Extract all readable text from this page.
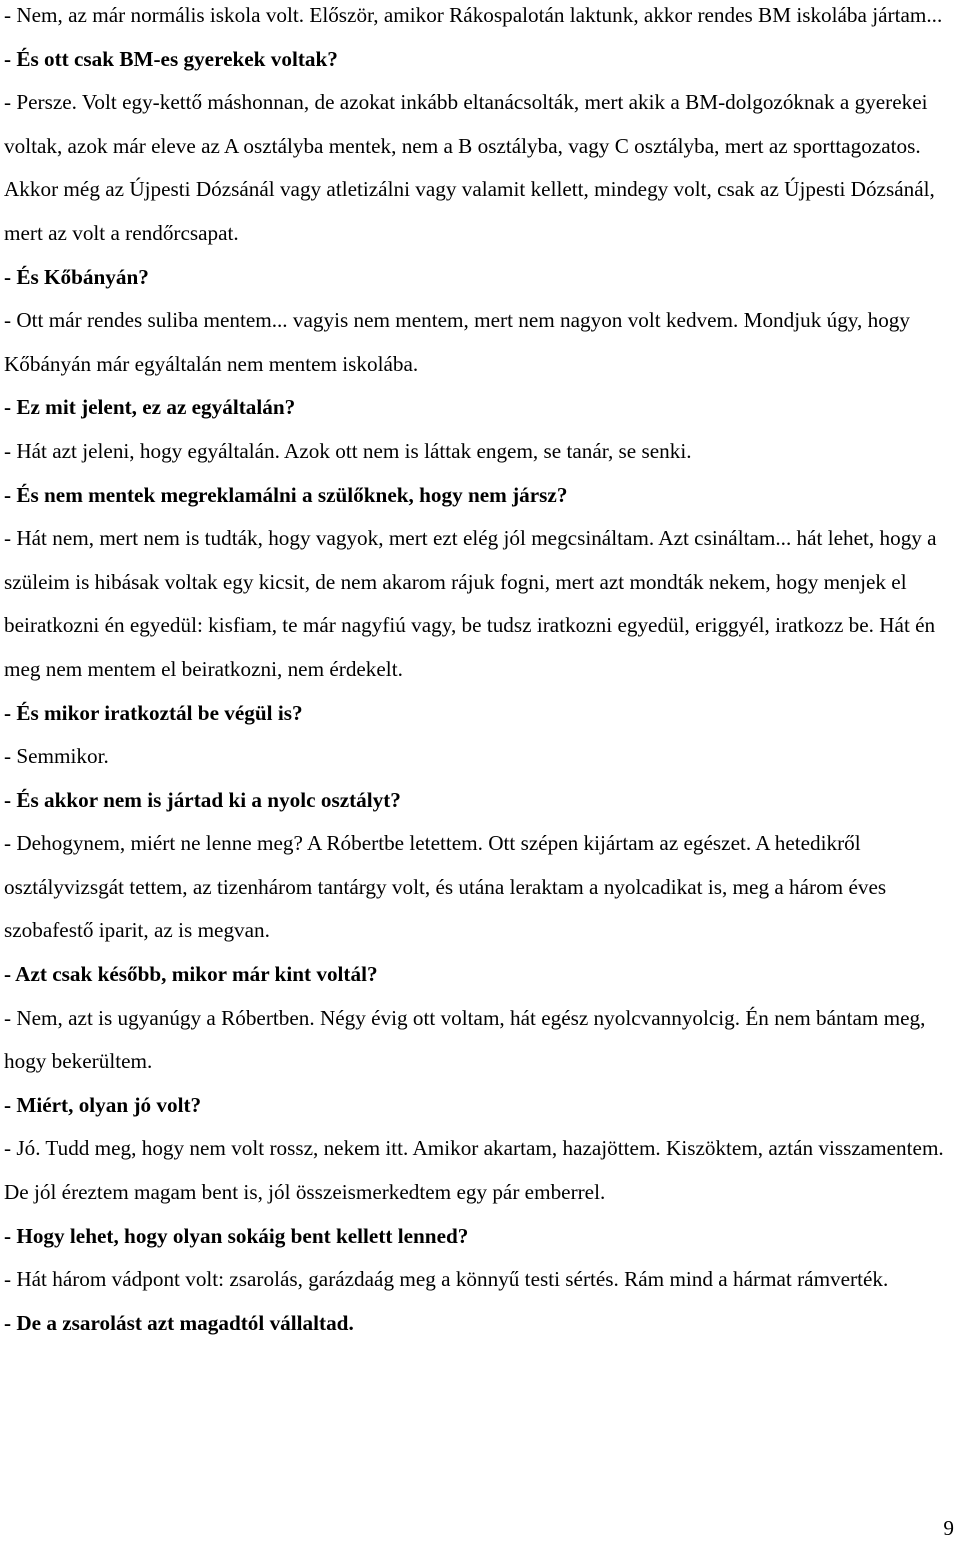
- Nem, az már normális iskola volt. Először, amikor Rákospalotán laktunk, akkor rendes BM iskolába jártam...

- És ott csak BM-es gyerekek voltak?

- Persze. Volt egy-kettő máshonnan, de azokat inkább eltanácsolták, mert akik a BM-dolgozóknak a gyerekei voltak, azok már eleve az A osztályba mentek, nem a B osztályba, vagy C osztályba, mert az sporttagozatos. Akkor még az Újpesti Dózsánál vagy atletizálni vagy valamit kellett, mindegy volt, csak az Újpesti Dózsánál, mert az volt a rendőrcsapat.

- És Kőbányán?

- Ott már rendes suliba mentem... vagyis nem mentem, mert nem nagyon volt kedvem. Mondjuk úgy, hogy Kőbányán már egyáltalán nem mentem iskolába.

- Ez mit jelent, ez az egyáltalán?

- Hát azt jeleni, hogy egyáltalán. Azok ott nem is láttak engem, se tanár, se senki.

- És nem mentek megreklamálni a szülőknek, hogy nem jársz?

- Hát nem, mert nem is tudták, hogy vagyok, mert ezt elég jól megcsináltam. Azt csináltam... hát lehet, hogy a szüleim is hibásak voltak egy kicsit, de nem akarom rájuk fogni, mert azt mondták nekem, hogy menjek el beiratkozni én egyedül: kisfiam, te már nagyfiú vagy, be tudsz iratkozni egyedül, eriggyél, iratkozz be. Hát én meg nem mentem el beiratkozni, nem érdekelt.

- És mikor iratkoztál be végül is?

- Semmikor.

- És akkor nem is jártad ki a nyolc osztályt?

- Dehogynem, miért ne lenne meg? A Róbertbe letettem. Ott szépen kijártam az egészet. A hetedikről osztályvizsgát tettem, az tizenhárom tantárgy volt, és utána leraktam a nyolcadikat is, meg a három éves szobafestő iparit, az is megvan.

- Azt csak később, mikor már kint voltál?

- Nem, azt is ugyanúgy a Róbertben. Négy évig ott voltam, hát egész nyolcvannyolcig. Én nem bántam meg, hogy bekerültem.

- Miért, olyan jó volt?

- Jó. Tudd meg, hogy nem volt rossz, nekem itt. Amikor akartam, hazajöttem. Kiszöktem, aztán visszamentem. De jól éreztem magam bent is, jól összeismerkedtem egy pár emberrel.

- Hogy lehet, hogy olyan sokáig bent kellett lenned?

- Hát három vádpont volt: zsarolás, garázdaág meg a könnyű testi sértés. Rám mind a hármat rámverték.

- De a zsarolást azt magadtól vállaltad.

9
